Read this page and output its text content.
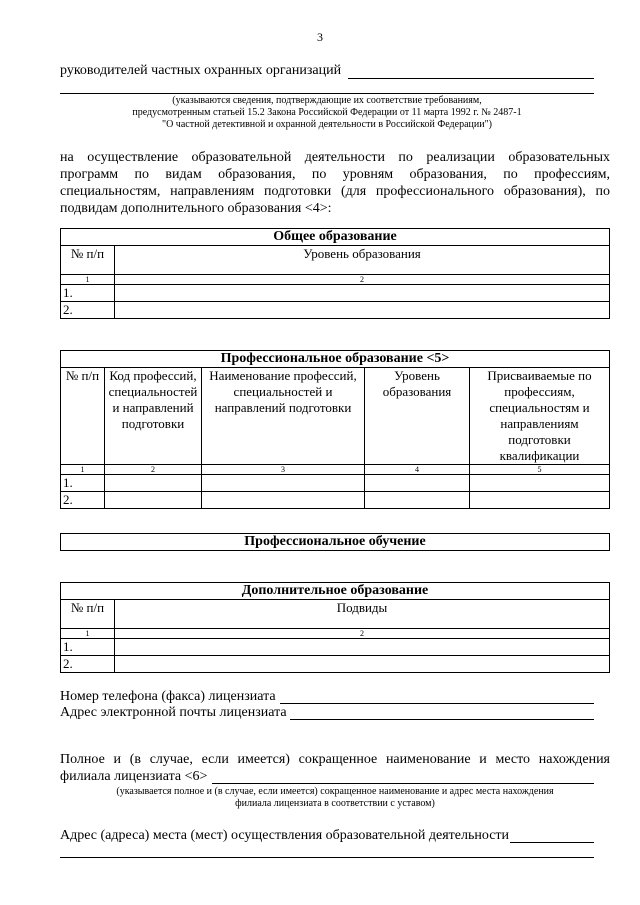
3
руководителей частных охранных организаций
(указываются сведения, подтверждающие их соответствие требованиям,
предусмотренным статьей 15.2 Закона Российской Федерации от 11 марта 1992 г. № 2487-1
"О частной детективной и охранной деятельности в Российской Федерации")
на осуществление образовательной деятельности по реализации образовательных программ по видам образования, по уровням образования, по профессиям, специальностям, направлениям подготовки (для профессионального образования), по подвидам дополнительного образования <4>:
Общее образование	
№ п/п	Уровень образования
1	2
1.	
2.	
Профессиональное образование <5>				
№ п/п	Код профессий, специальностей и направлений подготовки	Наименование профессий, специальностей и направлений подготовки	Уровень образования	Присваиваемые по профессиям, специальностям и направлениям подготовки квалификации
1	2	3	4	5
1.				
2.				
Профессиональное обучение
Дополнительное образование	
№ п/п	Подвиды
1	2
1.	
2.	
Номер телефона (факса) лицензиата
Адрес электронной почты лицензиата
Полное и (в случае, если имеется) сокращенное наименование и место нахождения
филиала лицензиата <6>
(указывается полное и (в случае, если имеется) сокращенное наименование и адрес места нахождения
филиала лицензиата в соответствии с уставом)
Адрес (адреса) места (мест) осуществления образовательной деятельности
